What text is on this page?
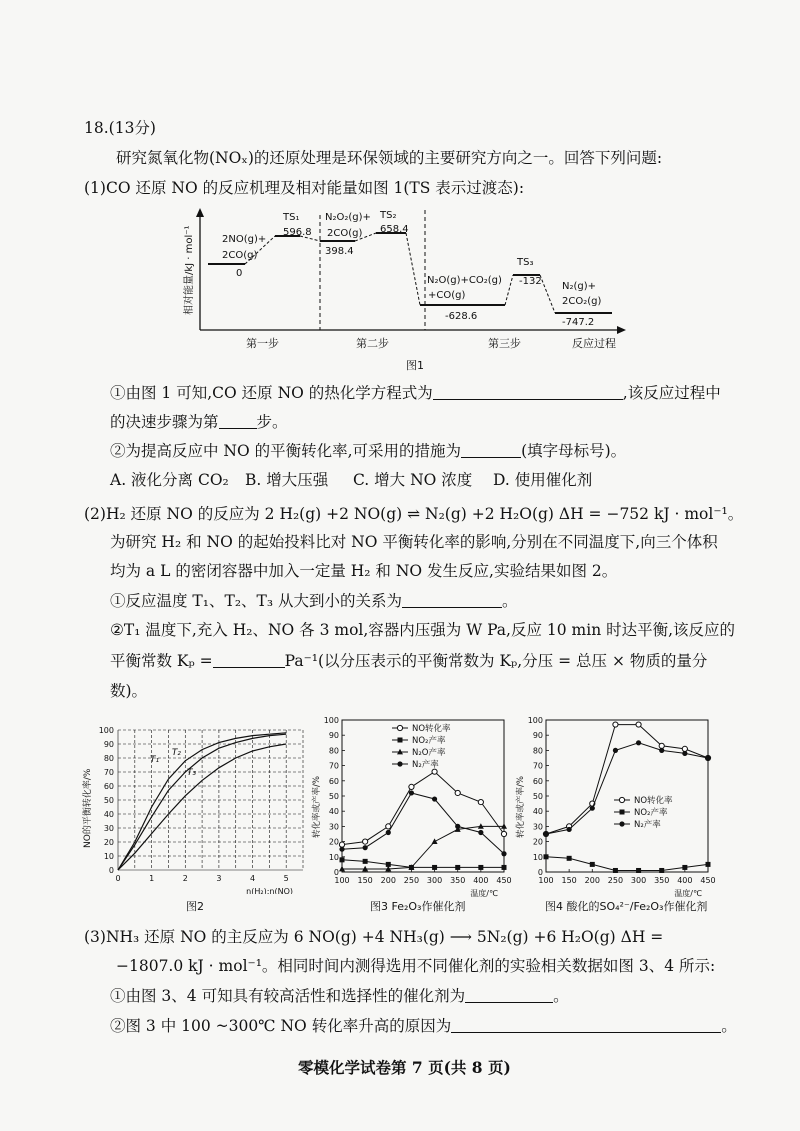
18.(13分)
研究氮氧化物(NOₓ)的还原处理是环保领域的主要研究方向之一。回答下列问题:
(1)CO 还原 NO 的反应机理及相对能量如图 1(TS 表示过渡态):
相对能量/kJ · mol⁻¹	2NO(g)+
2CO(g)
0
TS₁
596.8
N₂O₂(g)+
2CO(g)
398.4
TS₂
658.4
N₂O(g)+CO₂(g)
+CO(g)
-628.6
TS₃
-132 N₂(g)+
2CO₂(g)
-747.2
第一步	第二步	第三步	反应过程
图1
①由图 1 可知,CO 还原 NO 的热化学方程式为	,该反应过程中
的决速步骤为第 步。
②为提高反应中 NO 的平衡转化率,可采用的措施为	(填字母标号)。
A. 液化分离 CO₂ B. 增大压强 C. 增大 NO 浓度 D. 使用催化剂
(2)H₂ 还原 NO 的反应为 2 H₂(g) +2 NO(g) ⇌ N₂(g) +2 H₂O(g) ΔH = −752 kJ · mol⁻¹。
为研究 H₂ 和 NO 的起始投料比对 NO 平衡转化率的影响,分别在不同温度下,向三个体积
均为 a L 的密闭容器中加入一定量 H₂ 和 NO 发生反应,实验结果如图 2。
①反应温度 T₁、T₂、T₃ 从大到小的关系为	。
②T₁ 温度下,充入 H₂、NO 各 3 mol,容器内压强为 W Pa,反应 10 min 时达平衡,该反应的
平衡常数 Kₚ =	Pa⁻¹(以分压表示的平衡常数为 Kₚ,分压 = 总压 × 物质的量分
数)。
0
10
20
30
40
50
60
70
80
90
100
0	1	2	3	4	5
n(H₂):n(NO)
NO的平衡转化率/%
T₁
T₂
T₃
0
10
20
30
40
50
60
70
80
90
100
100 150 200 250 300 350 400 450
温度/℃
转化率或产率/%
NO转化率
NO₂产率
N₂O产率
N₂产率
0
10
20
30
40
50
60
70
80
90
100
100 150 200 250 300 350 400 450
温度/℃
转化率或产率/%	NO转化率
NO₂产率
N₂产率
图2	图3 Fe₂O₃作催化剂	图4 酸化的SO₄²⁻/Fe₂O₃作催化剂
(3)NH₃ 还原 NO 的主反应为 6 NO(g) +4 NH₃(g) ⟶ 5N₂(g) +6 H₂O(g) ΔH =
−1807.0 kJ · mol⁻¹。相同时间内测得选用不同催化剂的实验相关数据如图 3、4 所示:
①由图 3、4 可知具有较高活性和选择性的催化剂为	。
②图 3 中 100 ~300℃ NO 转化率升高的原因为	。
零模化学试卷第 7 页(共 8 页)
